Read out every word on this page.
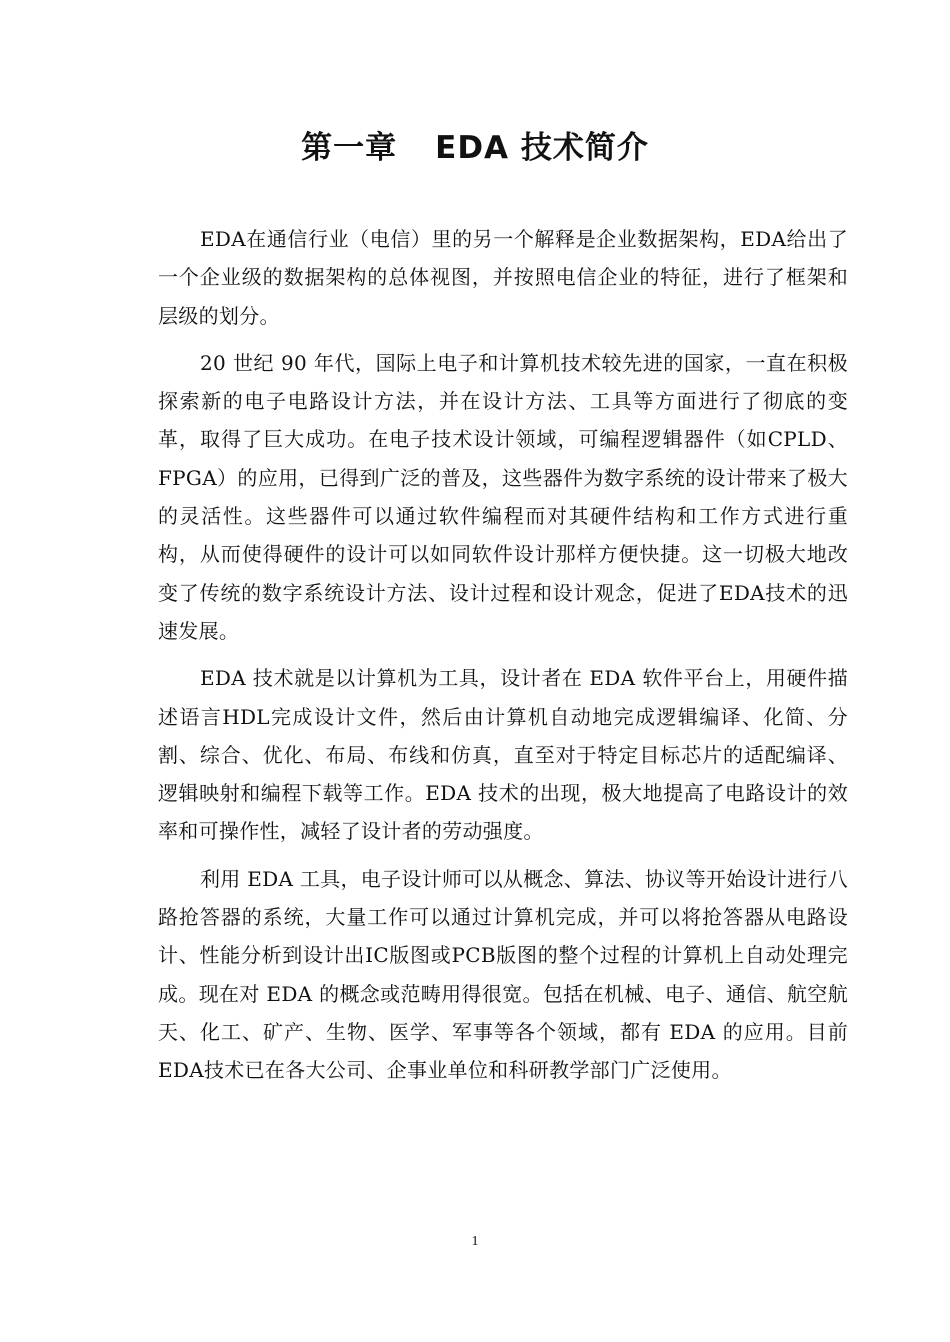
第一章 EDA 技术简介

EDA在通信行业（电信）里的另一个解释是企业数据架构，EDA给出了一个企业级的数据架构的总体视图，并按照电信企业的特征，进行了框架和层级的划分。

20 世纪 90 年代，国际上电子和计算机技术较先进的国家，一直在积极探索新的电子电路设计方法，并在设计方法、工具等方面进行了彻底的变革，取得了巨大成功。在电子技术设计领域，可编程逻辑器件（如CPLD、FPGA）的应用，已得到广泛的普及，这些器件为数字系统的设计带来了极大的灵活性。这些器件可以通过软件编程而对其硬件结构和工作方式进行重构，从而使得硬件的设计可以如同软件设计那样方便快捷。这一切极大地改变了传统的数字系统设计方法、设计过程和设计观念，促进了EDA技术的迅速发展。

EDA 技术就是以计算机为工具，设计者在 EDA 软件平台上，用硬件描述语言HDL完成设计文件，然后由计算机自动地完成逻辑编译、化简、分割、综合、优化、布局、布线和仿真，直至对于特定目标芯片的适配编译、逻辑映射和编程下载等工作。EDA 技术的出现，极大地提高了电路设计的效率和可操作性，减轻了设计者的劳动强度。

利用 EDA 工具，电子设计师可以从概念、算法、协议等开始设计进行八路抢答器的系统，大量工作可以通过计算机完成，并可以将抢答器从电路设计、性能分析到设计出IC版图或PCB版图的整个过程的计算机上自动处理完成。现在对 EDA 的概念或范畴用得很宽。包括在机械、电子、通信、航空航天、化工、矿产、生物、医学、军事等各个领域，都有 EDA 的应用。目前EDA技术已在各大公司、企事业单位和科研教学部门广泛使用。

1
